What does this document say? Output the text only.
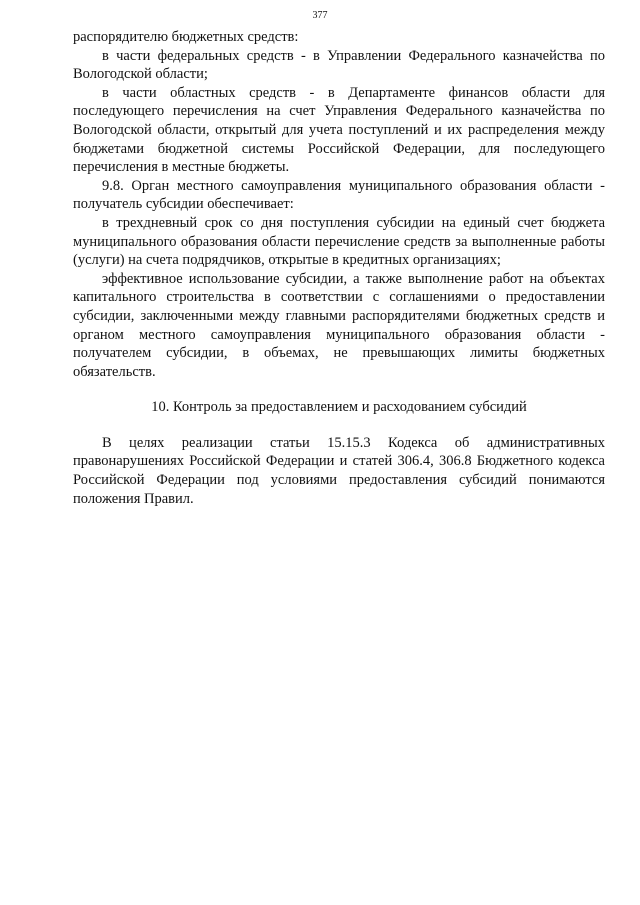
377

распорядителю бюджетных средств:

в части федеральных средств - в Управлении Федерального казначейства по Вологодской области;

в части областных средств - в Департаменте финансов области для последующего перечисления на счет Управления Федерального казначейства по Вологодской области, открытый для учета поступлений и их распределения между бюджетами бюджетной системы Российской Федерации, для последующего перечисления в местные бюджеты.

9.8. Орган местного самоуправления муниципального образования области - получатель субсидии обеспечивает:

в трехдневный срок со дня поступления субсидии на единый счет бюджета муниципального образования области перечисление средств за выполненные работы (услуги) на счета подрядчиков, открытые в кредитных организациях;

эффективное использование субсидии, а также выполнение работ на объектах капитального строительства в соответствии с соглашениями о предоставлении субсидии, заключенными между главными распорядителями бюджетных средств и органом местного самоуправления муниципального образования области - получателем субсидии, в объемах, не превышающих лимиты бюджетных обязательств.

10. Контроль за предоставлением и расходованием субсидий

В целях реализации статьи 15.15.3 Кодекса об административных правонарушениях Российской Федерации и статей 306.4, 306.8 Бюджетного кодекса Российской Федерации под условиями предоставления субсидий понимаются положения Правил.
